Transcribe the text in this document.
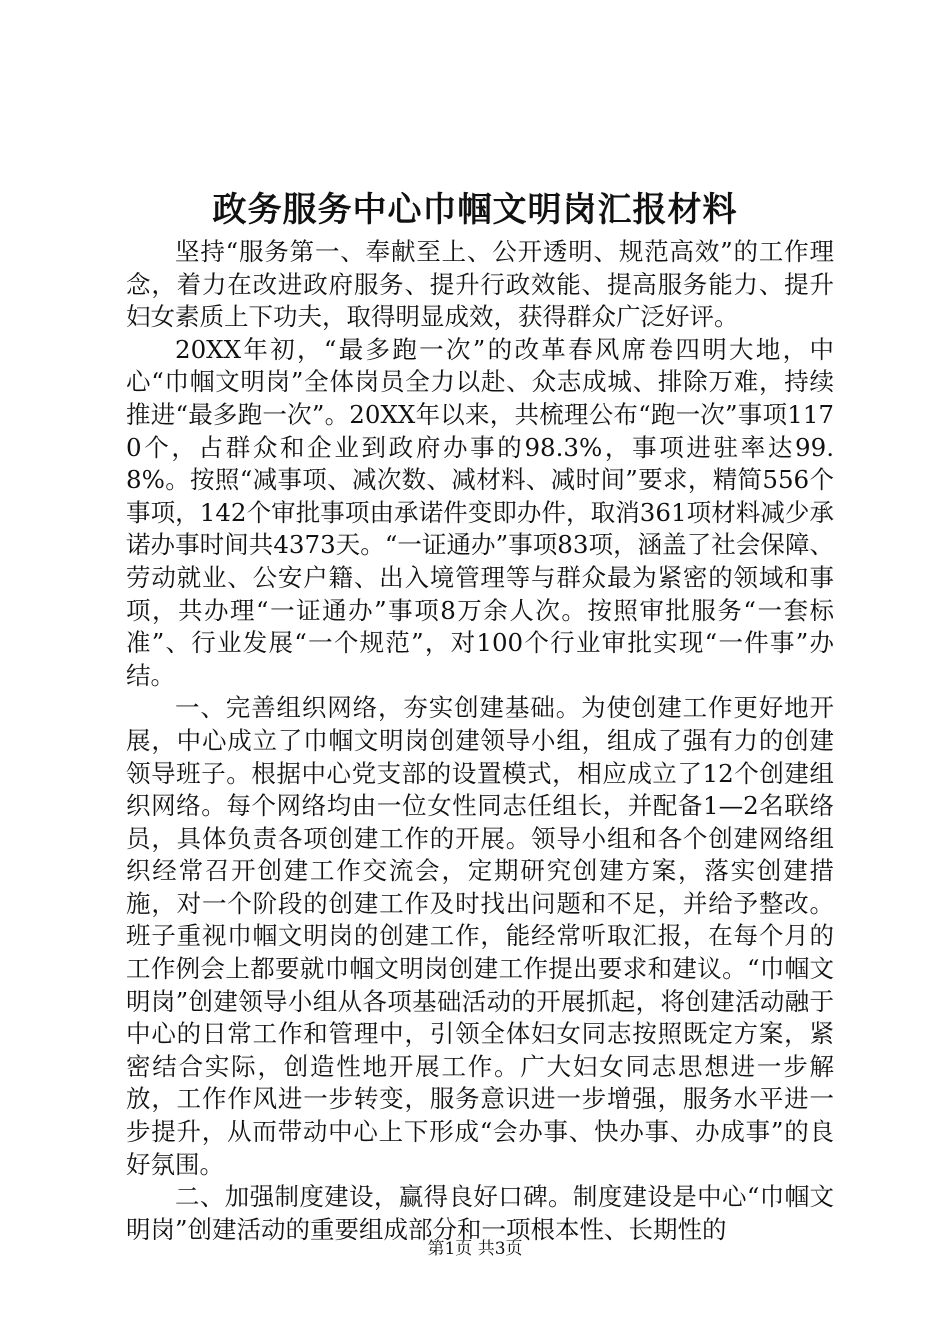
政务服务中心巾帼文明岗汇报材料

坚持“服务第一、奉献至上、公开透明、规范高效”的工作理念，着力在改进政府服务、提升行政效能、提高服务能力、提升妇女素质上下功夫，取得明显成效，获得群众广泛好评。

20XX年初，“最多跑一次”的改革春风席卷四明大地，中心“巾帼文明岗”全体岗员全力以赴、众志成城、排除万难，持续推进“最多跑一次”。20XX年以来，共梳理公布“跑一次”事项1170个，占群众和企业到政府办事的98.3%，事项进驻率达99.8%。按照“减事项、减次数、减材料、减时间”要求，精简556个事项，142个审批事项由承诺件变即办件，取消361项材料减少承诺办事时间共4373天。“一证通办”事项83项，涵盖了社会保障、劳动就业、公安户籍、出入境管理等与群众最为紧密的领域和事项，共办理“一证通办”事项8万余人次。按照审批服务“一套标准”、行业发展“一个规范”，对100个行业审批实现“一件事”办结。

一、完善组织网络，夯实创建基础。为使创建工作更好地开展，中心成立了巾帼文明岗创建领导小组，组成了强有力的创建领导班子。根据中心党支部的设置模式，相应成立了12个创建组织网络。每个网络均由一位女性同志任组长，并配备1—2名联络员，具体负责各项创建工作的开展。领导小组和各个创建网络组织经常召开创建工作交流会，定期研究创建方案，落实创建措施，对一个阶段的创建工作及时找出问题和不足，并给予整改。班子重视巾帼文明岗的创建工作，能经常听取汇报，在每个月的工作例会上都要就巾帼文明岗创建工作提出要求和建议。“巾帼文明岗”创建领导小组从各项基础活动的开展抓起，将创建活动融于中心的日常工作和管理中，引领全体妇女同志按照既定方案，紧密结合实际，创造性地开展工作。广大妇女同志思想进一步解放，工作作风进一步转变，服务意识进一步增强，服务水平进一步提升，从而带动中心上下形成“会办事、快办事、办成事”的良好氛围。

二、加强制度建设，赢得良好口碑。制度建设是中心“巾帼文明岗”创建活动的重要组成部分和一项根本性、长期性的

第1页 共3页
